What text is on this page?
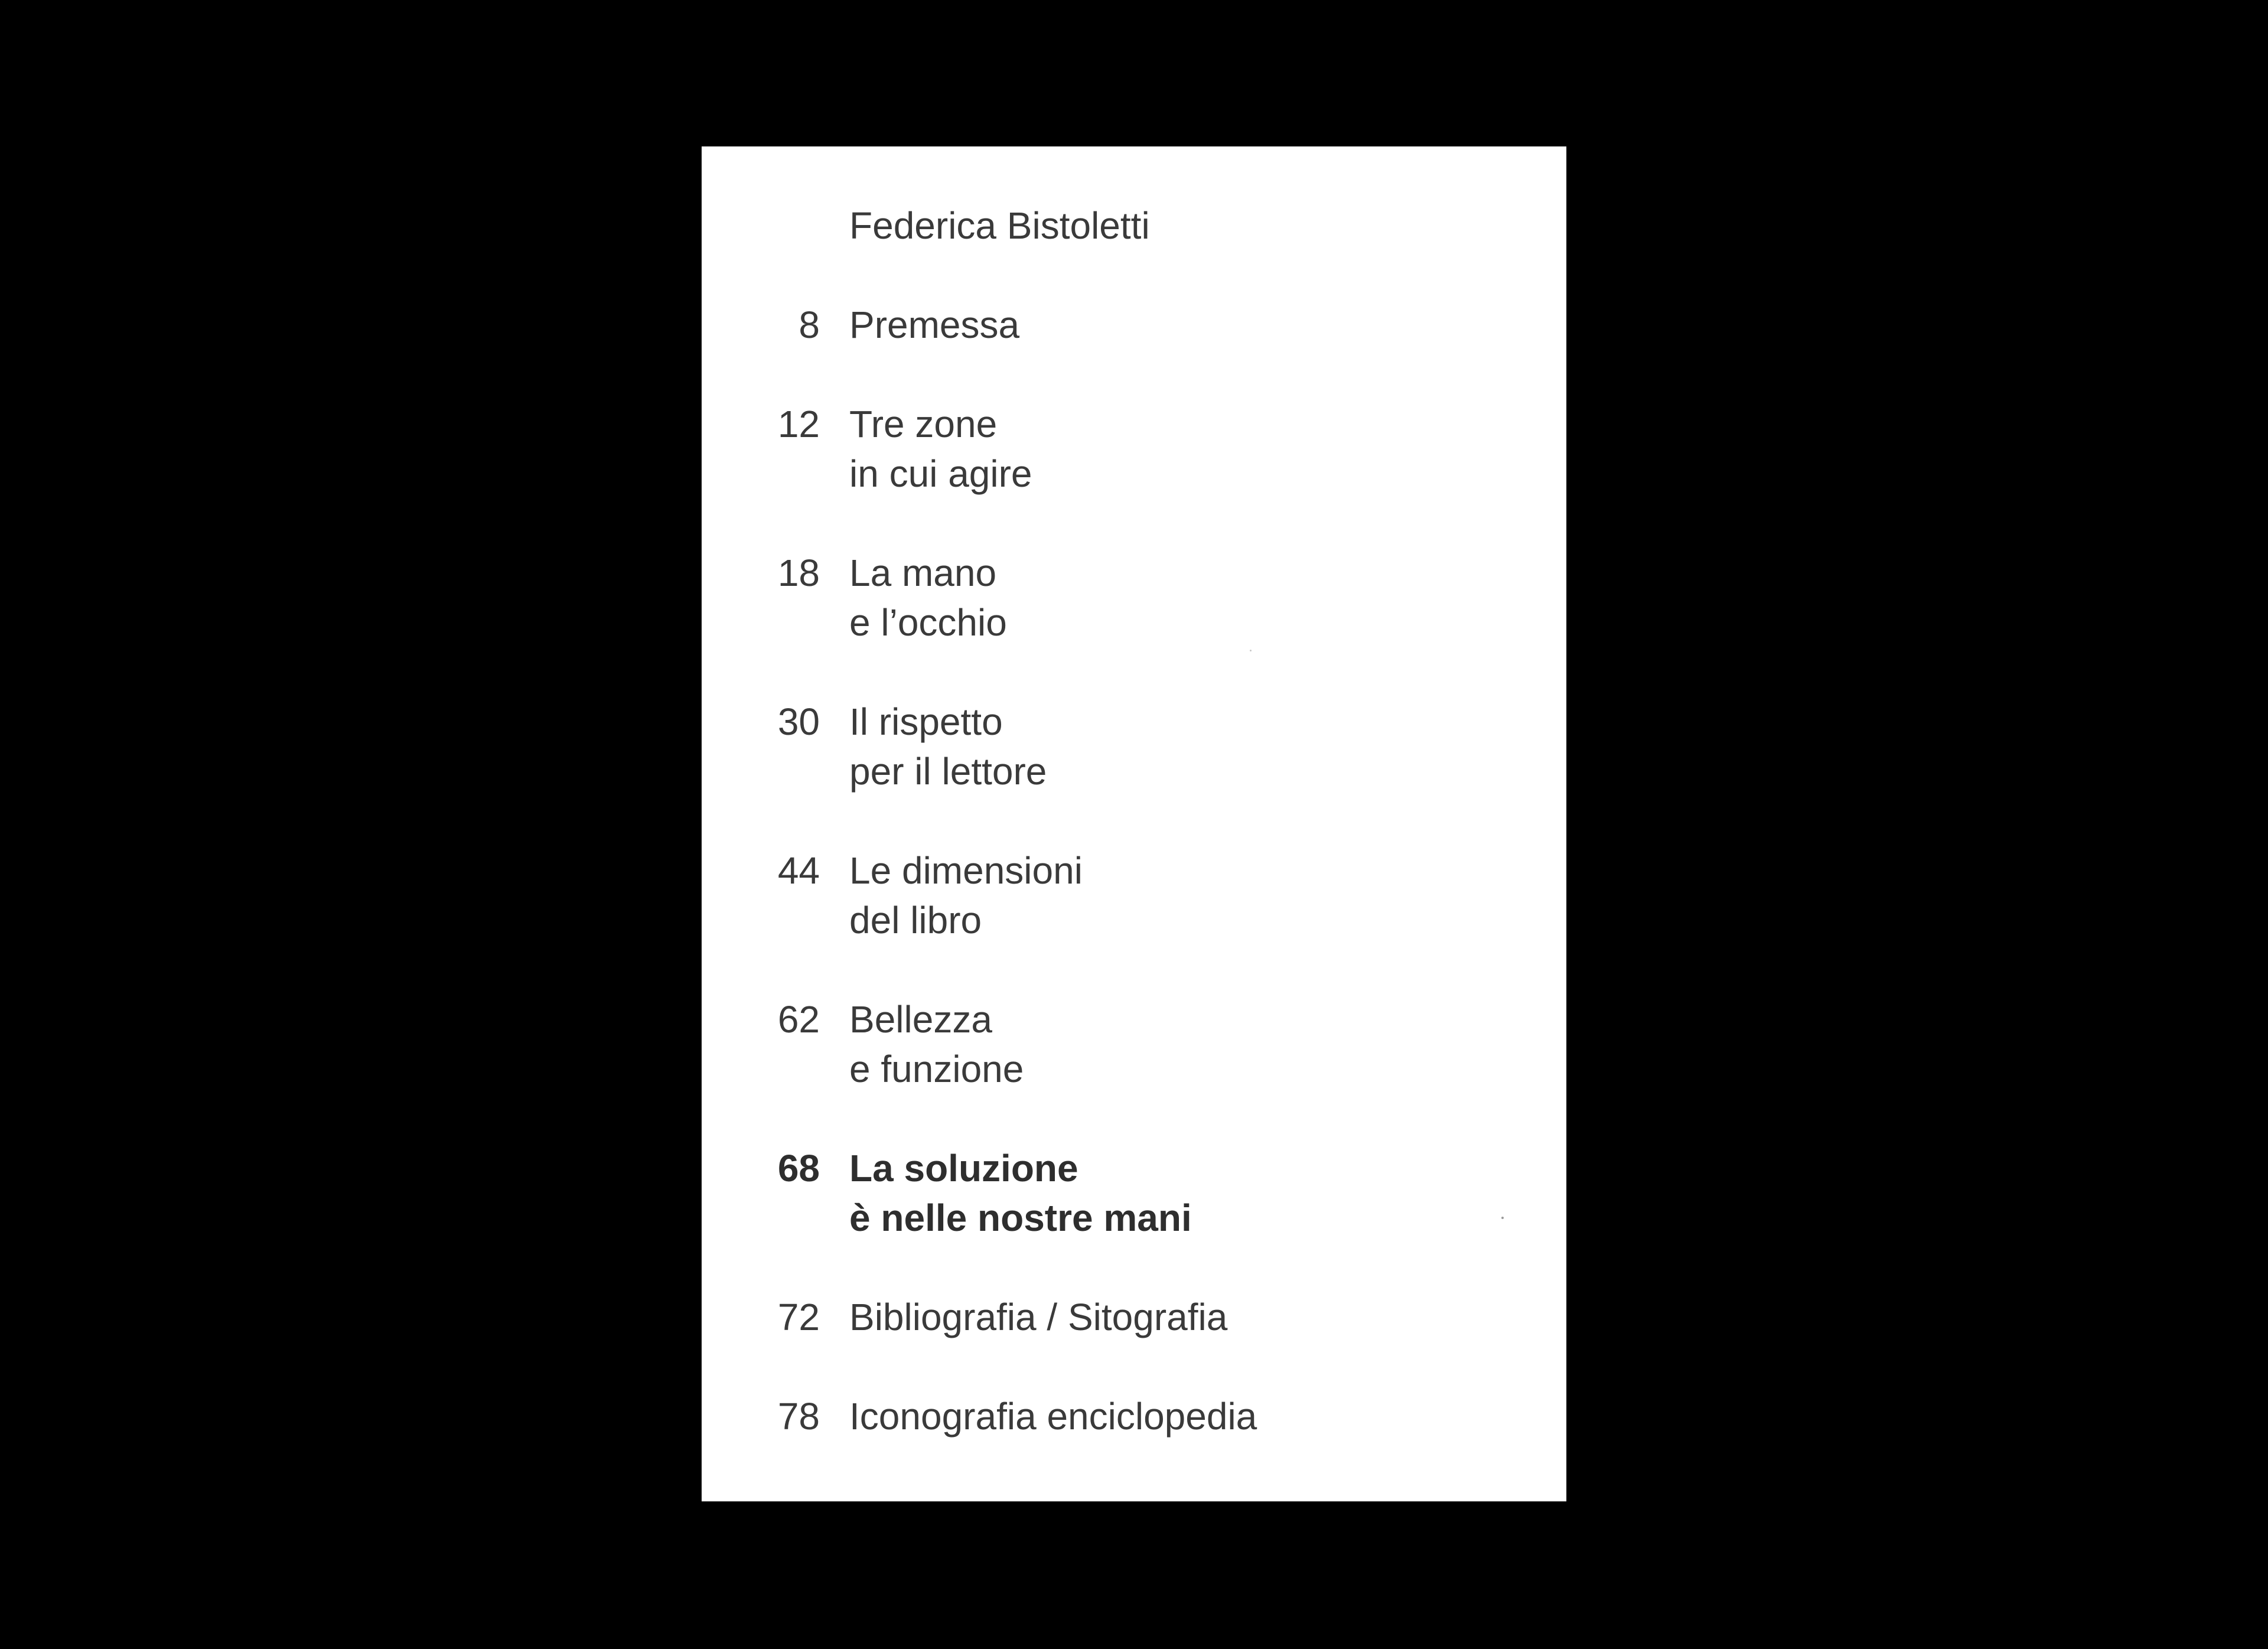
Federica Bistoletti
8 Premessa
12 Tre zone
in cui agire
18 La mano
e l’occhio
30 Il rispetto
per il lettore
44 Le dimensioni
del libro
62 Bellezza
e funzione
68 La soluzione
è nelle nostre mani
72 Bibliografia / Sitografia
78 Iconografia enciclopedia
